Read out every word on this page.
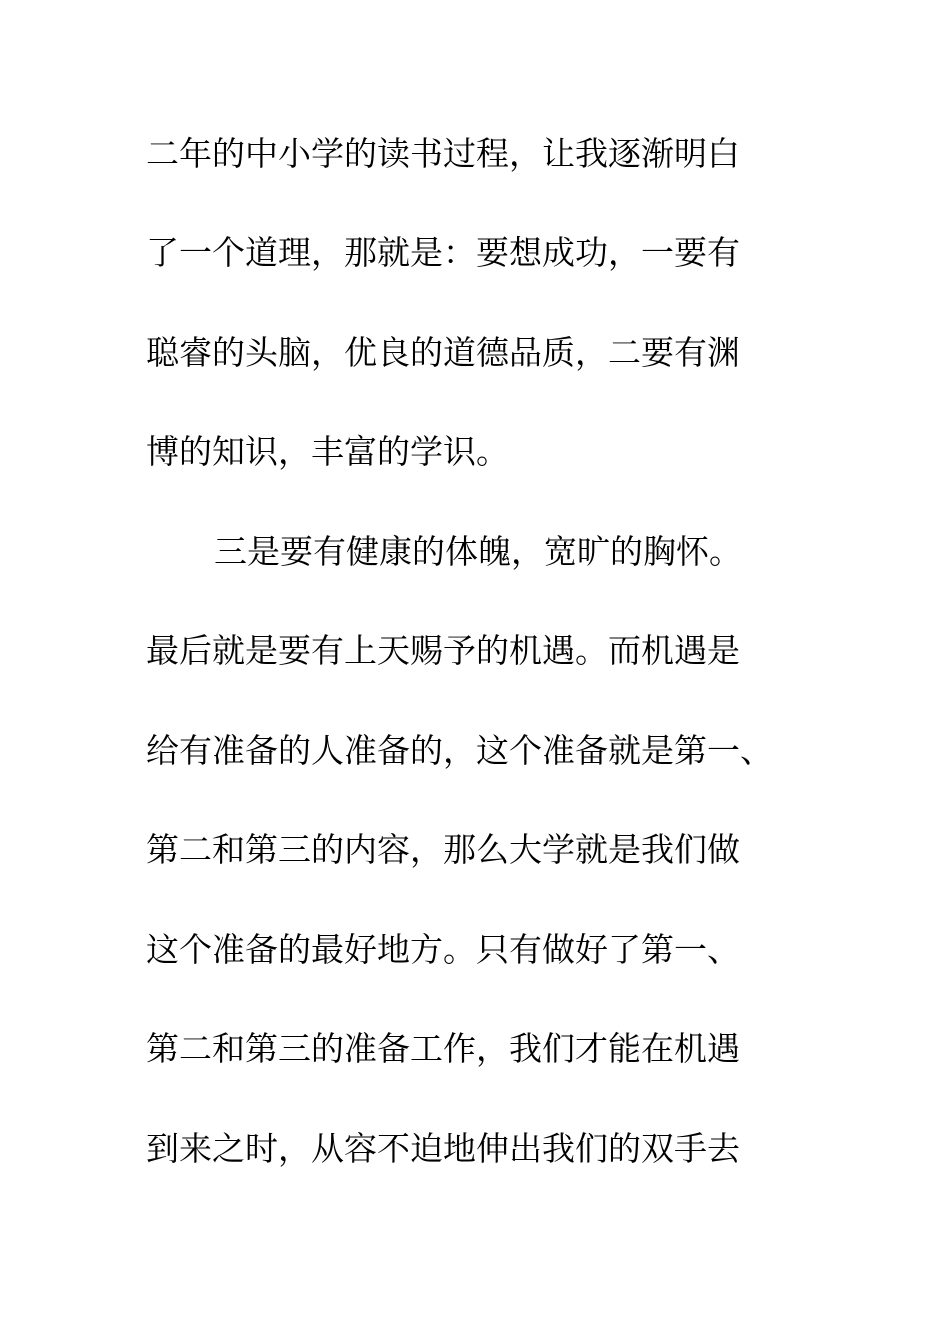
二年的中小学的读书过程，让我逐渐明白
了一个道理，那就是：要想成功，一要有
聪睿的头脑，优良的道德品质，二要有渊
博的知识，丰富的学识。
三是要有健康的体魄，宽旷的胸怀。
最后就是要有上天赐予的机遇。而机遇是
给有准备的人准备的，这个准备就是第一、
第二和第三的内容，那么大学就是我们做
这个准备的最好地方。只有做好了第一、
第二和第三的准备工作，我们才能在机遇
到来之时，从容不迫地伸出我们的双手去
